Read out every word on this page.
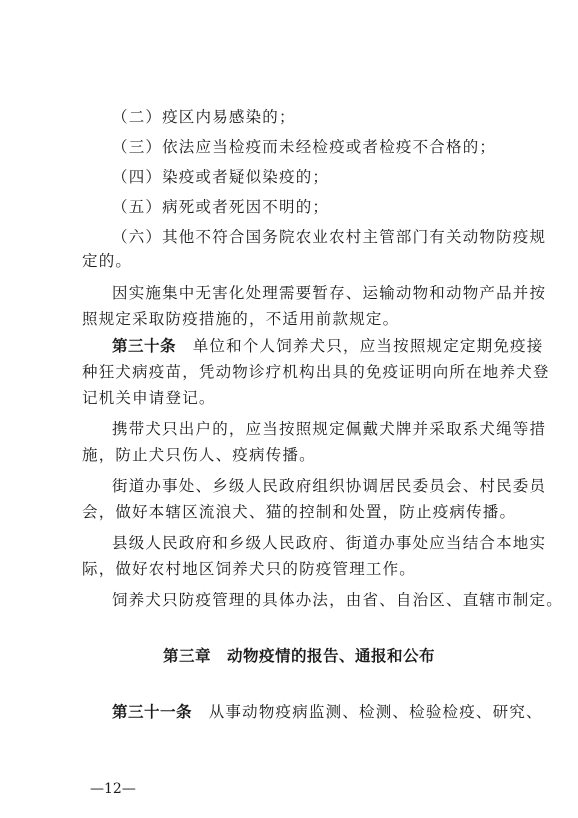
（二）疫区内易感染的；
（三）依法应当检疫而未经检疫或者检疫不合格的；
（四）染疫或者疑似染疫的；
（五）病死或者死因不明的；
（六）其他不符合国务院农业农村主管部门有关动物防疫规
定的。
因实施集中无害化处理需要暂存、运输动物和动物产品并按
照规定采取防疫措施的，不适用前款规定。
第三十条　单位和个人饲养犬只，应当按照规定定期免疫接
种狂犬病疫苗，凭动物诊疗机构出具的免疫证明向所在地养犬登
记机关申请登记。
携带犬只出户的，应当按照规定佩戴犬牌并采取系犬绳等措
施，防止犬只伤人、疫病传播。
街道办事处、乡级人民政府组织协调居民委员会、村民委员
会，做好本辖区流浪犬、猫的控制和处置，防止疫病传播。
县级人民政府和乡级人民政府、街道办事处应当结合本地实
际，做好农村地区饲养犬只的防疫管理工作。
饲养犬只防疫管理的具体办法，由省、自治区、直辖市制定。
第三章　动物疫情的报告、通报和公布
第三十一条　从事动物疫病监测、检测、检验检疫、研究、
—12—
